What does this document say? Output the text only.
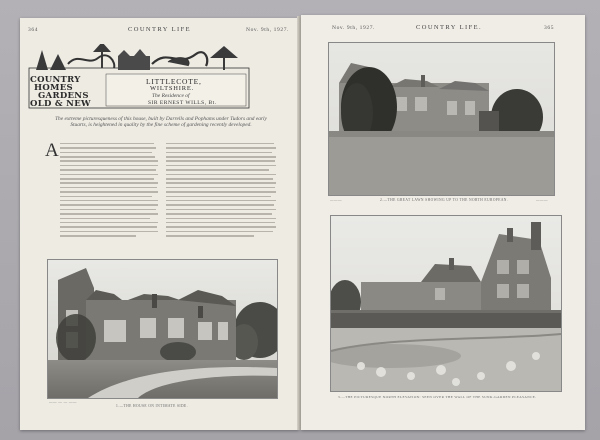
364	COUNTRY LIFE	Nov. 9th, 1927.
COUNTRY
HOMES
GARDENS
OLD & NEW
LITTLECOTE,
WILTSHIRE.
The Residence of
SIR ERNEST WILLS, Bt.
The extreme picturesqueness of this house, built by Darrells and Pophams under Tudors and early Stuarts, is heightened in quality by the fine scheme of gardening recently developed.
A
—— — — ——
1.—THE HOUSE ON INTIMATE SIDE.
Nov. 9th, 1927.	COUNTRY LIFE.	365
———	2.—THE GREAT LAWN SHOWING UP TO THE NORTH EUROPEAN.	———
3.—THE PICTURESQUE NORTH ELEVATION: SEEN OVER THE WALL OF THE SUNK-GARDEN PLEASANCE.
